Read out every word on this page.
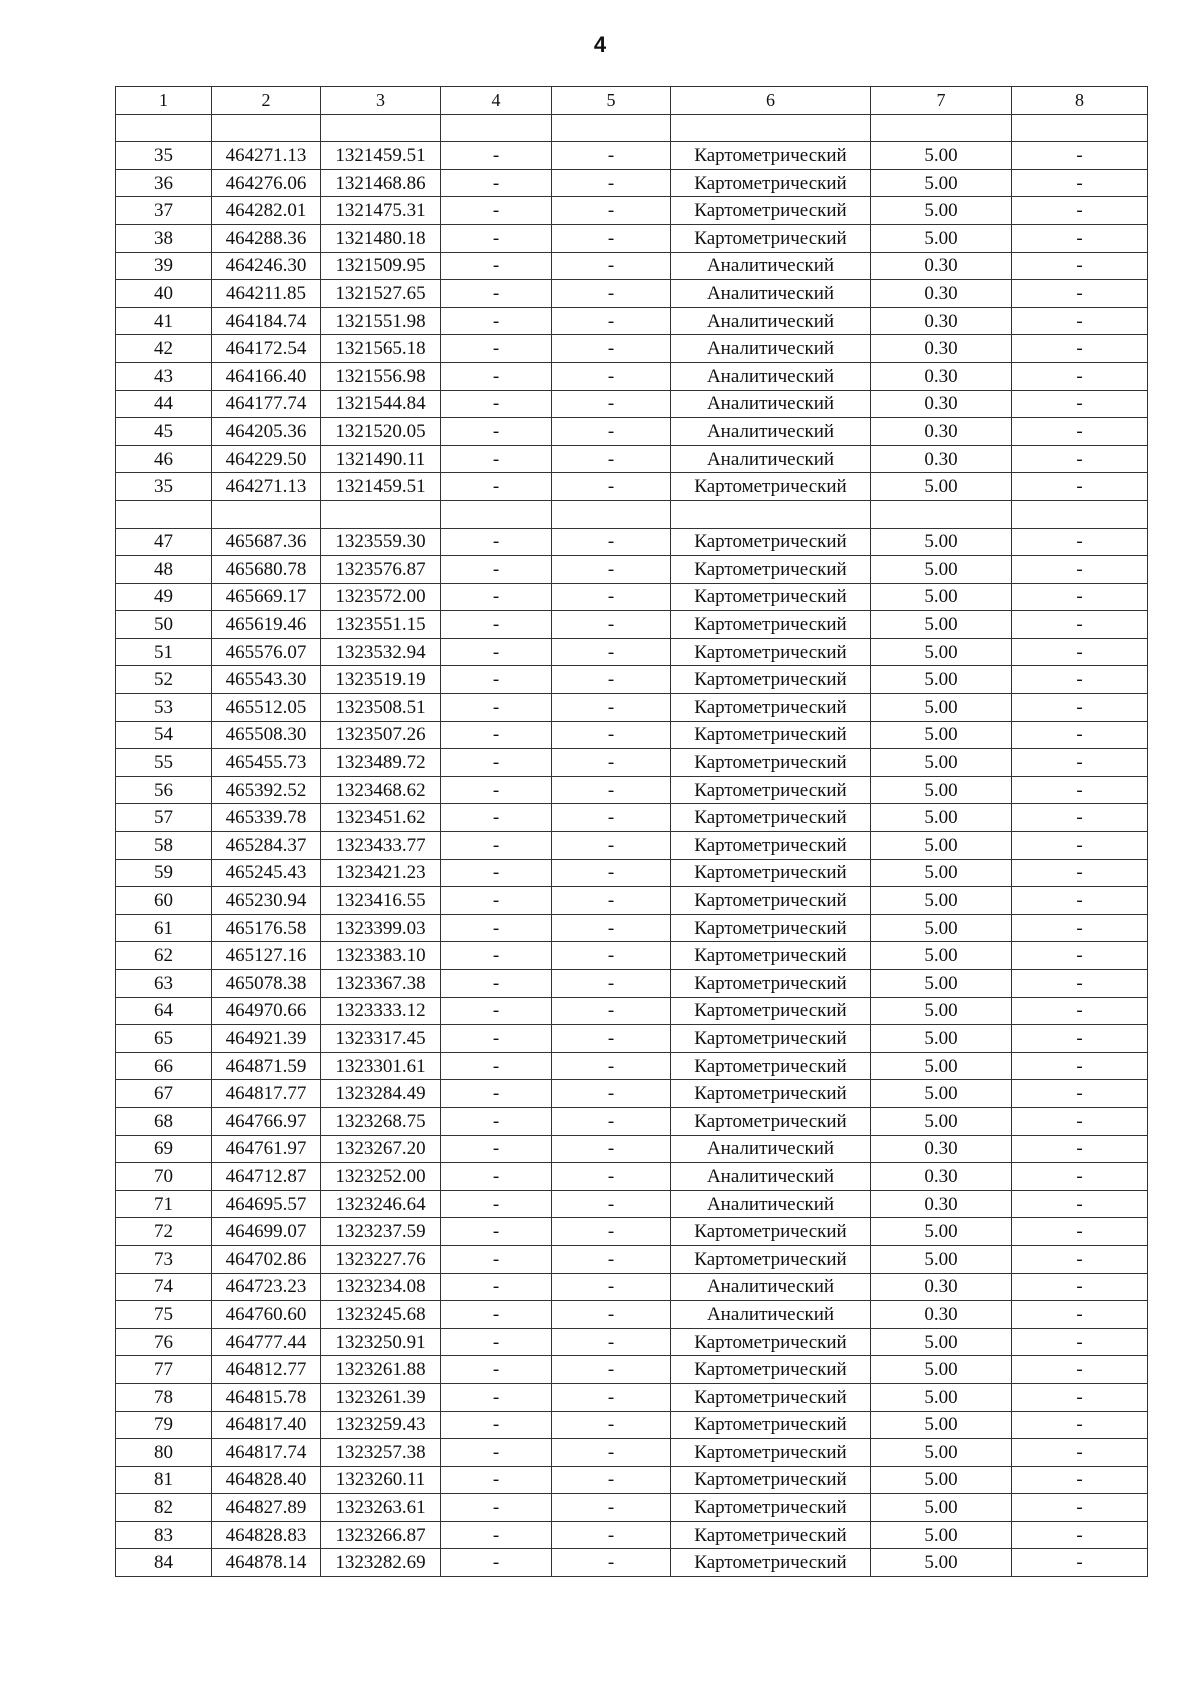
4
1	2	3	4	5	6	7	8

35	464271.13	1321459.51	-	-	Картометрический	5.00	-
36	464276.06	1321468.86	-	-	Картометрический	5.00	-
37	464282.01	1321475.31	-	-	Картометрический	5.00	-
38	464288.36	1321480.18	-	-	Картометрический	5.00	-
39	464246.30	1321509.95	-	-	Аналитический	0.30	-
40	464211.85	1321527.65	-	-	Аналитический	0.30	-
41	464184.74	1321551.98	-	-	Аналитический	0.30	-
42	464172.54	1321565.18	-	-	Аналитический	0.30	-
43	464166.40	1321556.98	-	-	Аналитический	0.30	-
44	464177.74	1321544.84	-	-	Аналитический	0.30	-
45	464205.36	1321520.05	-	-	Аналитический	0.30	-
46	464229.50	1321490.11	-	-	Аналитический	0.30	-
35	464271.13	1321459.51	-	-	Картометрический	5.00	-

47	465687.36	1323559.30	-	-	Картометрический	5.00	-
48	465680.78	1323576.87	-	-	Картометрический	5.00	-
49	465669.17	1323572.00	-	-	Картометрический	5.00	-
50	465619.46	1323551.15	-	-	Картометрический	5.00	-
51	465576.07	1323532.94	-	-	Картометрический	5.00	-
52	465543.30	1323519.19	-	-	Картометрический	5.00	-
53	465512.05	1323508.51	-	-	Картометрический	5.00	-
54	465508.30	1323507.26	-	-	Картометрический	5.00	-
55	465455.73	1323489.72	-	-	Картометрический	5.00	-
56	465392.52	1323468.62	-	-	Картометрический	5.00	-
57	465339.78	1323451.62	-	-	Картометрический	5.00	-
58	465284.37	1323433.77	-	-	Картометрический	5.00	-
59	465245.43	1323421.23	-	-	Картометрический	5.00	-
60	465230.94	1323416.55	-	-	Картометрический	5.00	-
61	465176.58	1323399.03	-	-	Картометрический	5.00	-
62	465127.16	1323383.10	-	-	Картометрический	5.00	-
63	465078.38	1323367.38	-	-	Картометрический	5.00	-
64	464970.66	1323333.12	-	-	Картометрический	5.00	-
65	464921.39	1323317.45	-	-	Картометрический	5.00	-
66	464871.59	1323301.61	-	-	Картометрический	5.00	-
67	464817.77	1323284.49	-	-	Картометрический	5.00	-
68	464766.97	1323268.75	-	-	Картометрический	5.00	-
69	464761.97	1323267.20	-	-	Аналитический	0.30	-
70	464712.87	1323252.00	-	-	Аналитический	0.30	-
71	464695.57	1323246.64	-	-	Аналитический	0.30	-
72	464699.07	1323237.59	-	-	Картометрический	5.00	-
73	464702.86	1323227.76	-	-	Картометрический	5.00	-
74	464723.23	1323234.08	-	-	Аналитический	0.30	-
75	464760.60	1323245.68	-	-	Аналитический	0.30	-
76	464777.44	1323250.91	-	-	Картометрический	5.00	-
77	464812.77	1323261.88	-	-	Картометрический	5.00	-
78	464815.78	1323261.39	-	-	Картометрический	5.00	-
79	464817.40	1323259.43	-	-	Картометрический	5.00	-
80	464817.74	1323257.38	-	-	Картометрический	5.00	-
81	464828.40	1323260.11	-	-	Картометрический	5.00	-
82	464827.89	1323263.61	-	-	Картометрический	5.00	-
83	464828.83	1323266.87	-	-	Картометрический	5.00	-
84	464878.14	1323282.69	-	-	Картометрический	5.00	-
